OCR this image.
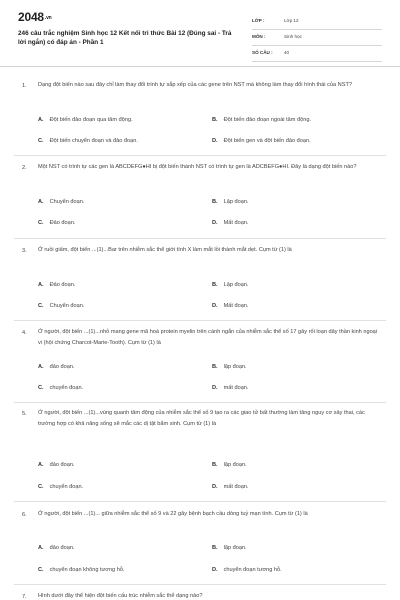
2048.vn
246 câu trắc nghiệm Sinh học 12 Kết nối tri thức Bài 12 (Đúng sai - Trả lời ngắn) có đáp án - Phần 1
LỚP :	Lớp 12
MÔN :	Sinh học
SỐ CÂU : 40
1. Dạng đột biến nào sau đây chỉ làm thay đổi trình tự sắp xếp của các gene trên NST mà không làm thay đổi hình thái của NST?
A. Đột biến đảo đoạn qua tâm động.	B. Đột biến đảo đoạn ngoài tâm động.
C. Đột biến chuyển đoạn và đảo đoạn.	D. Đột biến gen và đột biến đảo đoạn.
2. Một NST có trình tự các gen là ABCDEFG●HI bị đột biến thành NST có trình tự gen là ADCBEFG●HI. Đây là dạng đột biến nào?
A. Chuyển đoạn.	B. Lặp đoạn.
C. Đảo đoạn.	D. Mất đoạn.
3. Ở ruồi giấm, đột biến ...(1)...Bar trên nhiễm sắc thể giới tính X làm mắt lồi thành mắt dẹt. Cụm từ (1) là
A. Đảo đoạn.	B. Lặp đoạn.
C. Chuyển đoạn.	D. Mất đoạn.
4. Ở người, đột biến ...(1)...nhỏ mang gene mã hoá protein myelin trên cánh ngắn của nhiễm sắc thể số 17 gây rối loạn dây thần kinh ngoại vi (hội chứng Charcot-Marie-Tooth). Cụm từ (1) là
A. đảo đoạn.	B. lặp đoạn.
C. chuyển đoạn.	D. mất đoạn.
5. Ở người, đột biến ...(1)...vùng quanh tâm động của nhiễm sắc thể số 9 tạo ra các giao tử bất thường làm tăng nguy cơ sảy thai, các trường hợp có khả năng sống sẽ mắc các dị tật bẩm sinh. Cụm từ (1) là
A. đảo đoạn.	B. lặp đoạn.
C. chuyển đoạn.	D. mất đoạn.
6. Ở người, đột biến ...(1)... giữa nhiễm sắc thể số 9 và 22 gây bệnh bạch cầu dòng tuỷ mạn tính. Cụm từ (1) là
A. đảo đoạn.	B. lặp đoạn.
C. chuyển đoạn không tương hỗ.	D. chuyển đoạn tương hỗ.
7. Hình dưới đây thể hiện đột biến cấu trúc nhiễm sắc thể dạng nào?
